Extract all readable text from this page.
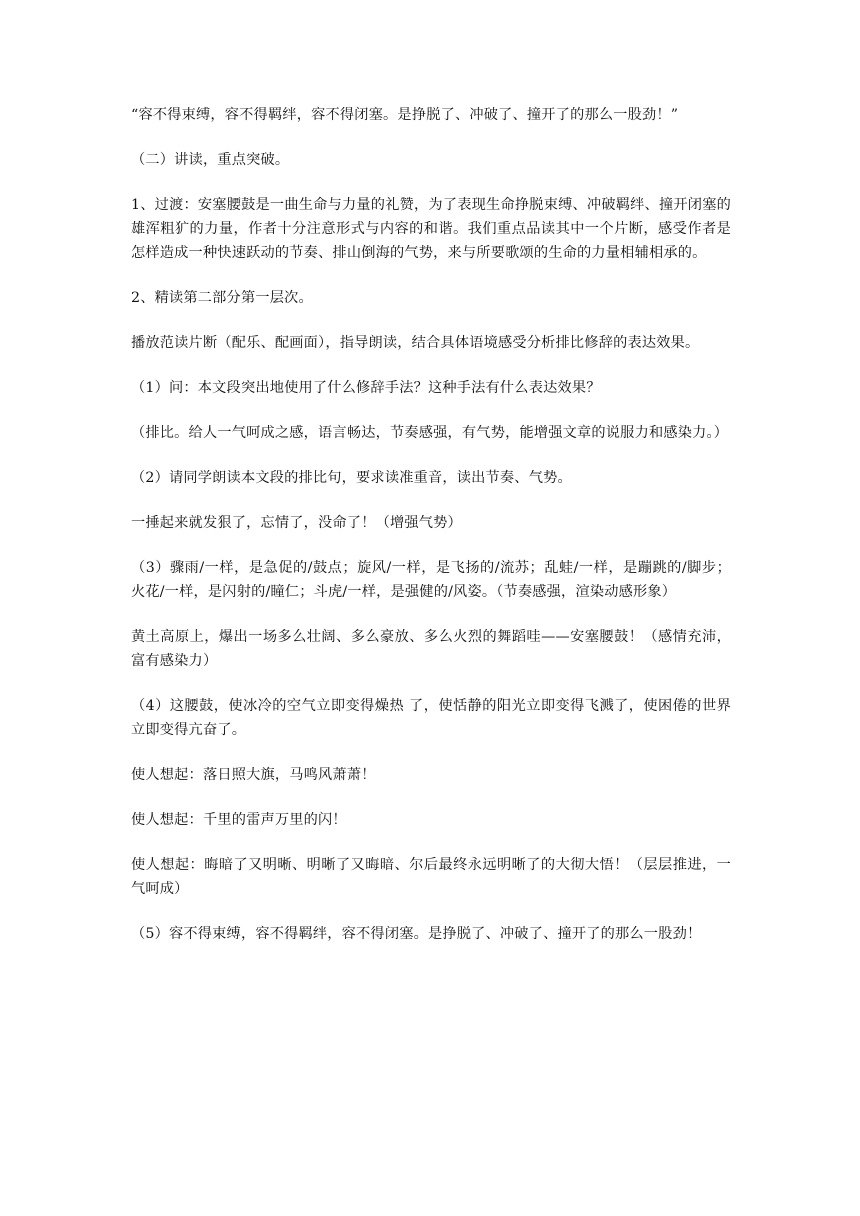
“容不得束缚，容不得羁绊，容不得闭塞。是挣脱了、冲破了、撞开了的那么一股劲！”

（二）讲读，重点突破。

1、过渡：安塞腰鼓是一曲生命与力量的礼赞，为了表现生命挣脱束缚、冲破羁绊、撞开闭塞的雄浑粗犷的力量，作者十分注意形式与内容的和谐。我们重点品读其中一个片断，感受作者是怎样造成一种快速跃动的节奏、排山倒海的气势，来与所要歌颂的生命的力量相辅相承的。

2、精读第二部分第一层次。

播放范读片断（配乐、配画面），指导朗读，结合具体语境感受分析排比修辞的表达效果。

（1）问：本文段突出地使用了什么修辞手法？这种手法有什么表达效果？

（排比。给人一气呵成之感，语言畅达，节奏感强，有气势，能增强文章的说服力和感染力。）

（2）请同学朗读本文段的排比句，要求读准重音，读出节奏、气势。

一捶起来就发狠了，忘情了，没命了！（增强气势）

（3）骤雨/一样，是急促的/鼓点；旋风/一样，是飞扬的/流苏；乱蛙/一样，是蹦跳的/脚步；火花/一样，是闪射的/瞳仁；斗虎/一样，是强健的/风姿。（节奏感强，渲染动感形象）

黄土高原上，爆出一场多么壮阔、多么豪放、多么火烈的舞蹈哇——安塞腰鼓！（感情充沛，富有感染力）

（4）这腰鼓，使冰冷的空气立即变得燥热 了，使恬静的阳光立即变得飞溅了，使困倦的世界立即变得亢奋了。

使人想起：落日照大旗，马鸣风萧萧！

使人想起：千里的雷声万里的闪！

使人想起：晦暗了又明晰、明晰了又晦暗、尔后最终永远明晰了的大彻大悟！（层层推进，一气呵成）

（5）容不得束缚，容不得羁绊，容不得闭塞。是挣脱了、冲破了、撞开了的那么一股劲！
